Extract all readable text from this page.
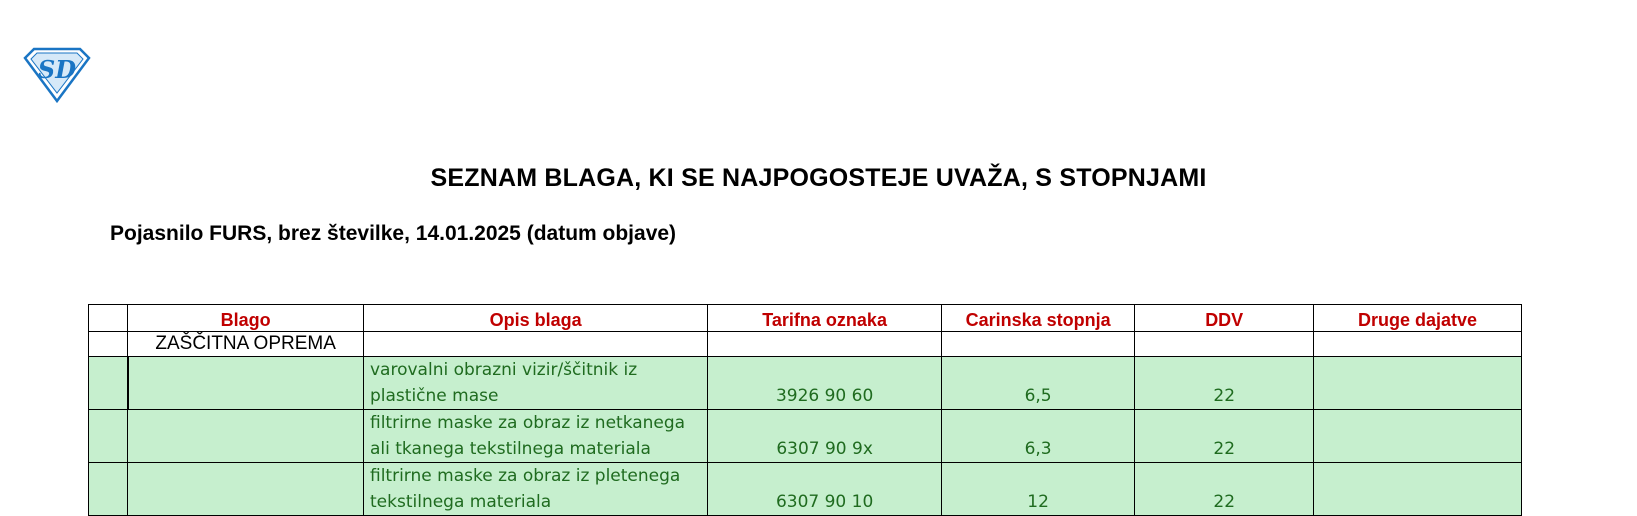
SD
SEZNAM BLAGA, KI SE NAJPOGOSTEJE UVAŽA, S STOPNJAMI
Pojasnilo FURS, brez številke, 14.01.2025 (datum objave)
	Blago	Opis blaga	Tarifna oznaka	Carinska stopnja	DDV	Druge dajatve
	ZAŠČITNA OPREMA					
		varovalni obrazni vizir/ščitnik iz plastične mase	3926 90 60	6,5	22	
		filtrirne maske za obraz iz netkanega ali tkanega tekstilnega materiala	6307 90 9x	6,3	22	
		filtrirne maske za obraz iz pletenega tekstilnega materiala	6307 90 10	12	22	
